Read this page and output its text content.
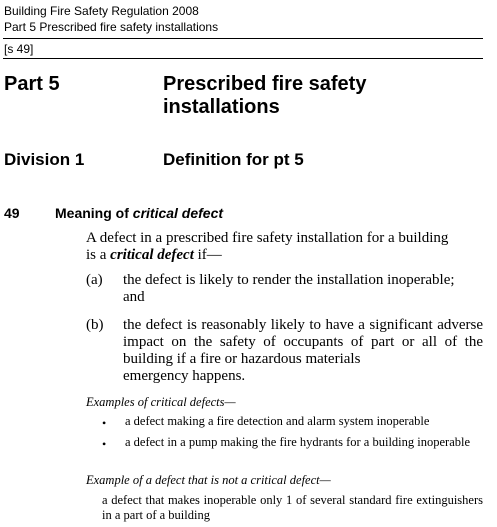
Building Fire Safety Regulation 2008
Part 5 Prescribed fire safety installations
[s 49]
Part 5	Prescribed fire safety
installations
Division 1	Definition for pt 5
49	Meaning of critical defect
A defect in a prescribed fire safety installation for a building
is a critical defect if—
(a) the defect is likely to render the installation inoperable;
and
(b) the defect is reasonably likely to have a significant adverse impact on the safety of occupants of part or all of the building if a fire or hazardous materials
emergency happens.
Examples of critical defects—
• a defect making a fire detection and alarm system inoperable
• a defect in a pump making the fire hydrants for a building inoperable
Example of a defect that is not a critical defect—
a defect that makes inoperable only 1 of several standard fire extinguishers in a part of a building
